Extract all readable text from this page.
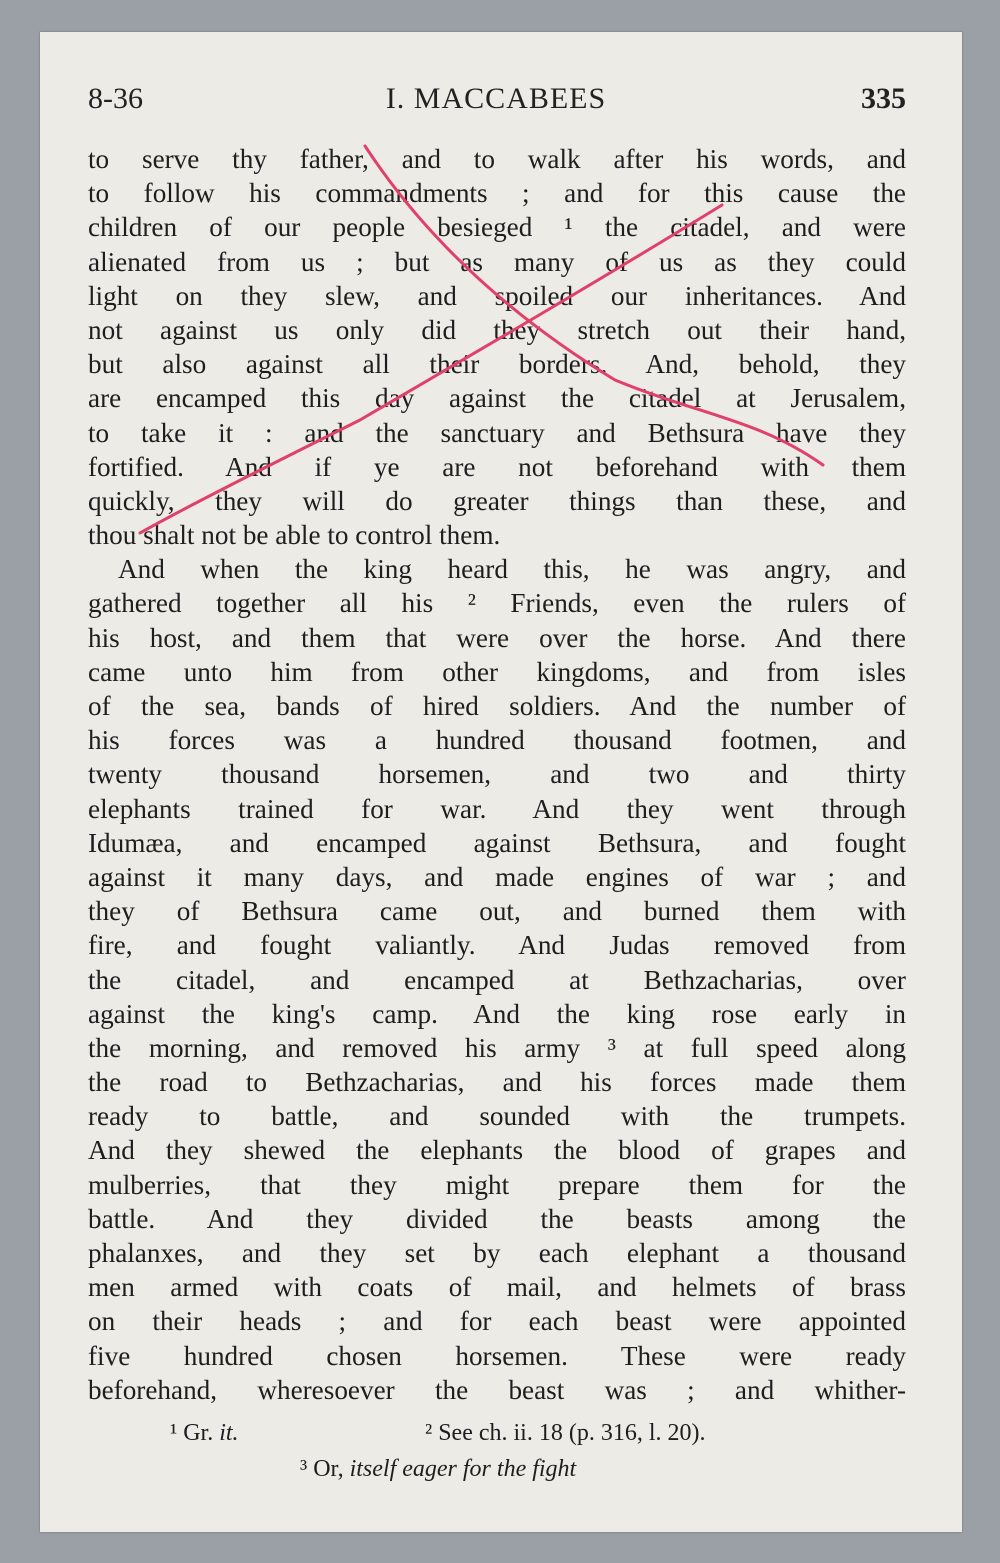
8-36	I. MACCABEES	335
to serve thy father, and to walk after his words, and
to follow his commandments ; and for this cause the
children of our people besieged ¹ the citadel, and were
alienated from us ; but as many of us as they could
light on they slew, and spoiled our inheritances. And
not against us only did they stretch out their hand,
but also against all their borders. And, behold, they
are encamped this day against the citadel at Jerusalem,
to take it : and the sanctuary and Bethsura have they
fortified. And if ye are not beforehand with them
quickly, they will do greater things than these, and
thou shalt not be able to control them.
And when the king heard this, he was angry, and
gathered together all his ² Friends, even the rulers of
his host, and them that were over the horse. And there
came unto him from other kingdoms, and from isles
of the sea, bands of hired soldiers. And the number of
his forces was a hundred thousand footmen, and
twenty thousand horsemen, and two and thirty
elephants trained for war. And they went through
Idumæa, and encamped against Bethsura, and fought
against it many days, and made engines of war ; and
they of Bethsura came out, and burned them with
fire, and fought valiantly. And Judas removed from
the citadel, and encamped at Bethzacharias, over
against the king's camp. And the king rose early in
the morning, and removed his army ³ at full speed along
the road to Bethzacharias, and his forces made them
ready to battle, and sounded with the trumpets.
And they shewed the elephants the blood of grapes and
mulberries, that they might prepare them for the
battle. And they divided the beasts among the
phalanxes, and they set by each elephant a thousand
men armed with coats of mail, and helmets of brass
on their heads ; and for each beast were appointed
five hundred chosen horsemen. These were ready
beforehand, wheresoever the beast was ; and whither-
¹ Gr. it.	² See ch. ii. 18 (p. 316, l. 20).
³ Or, itself eager for the fight
